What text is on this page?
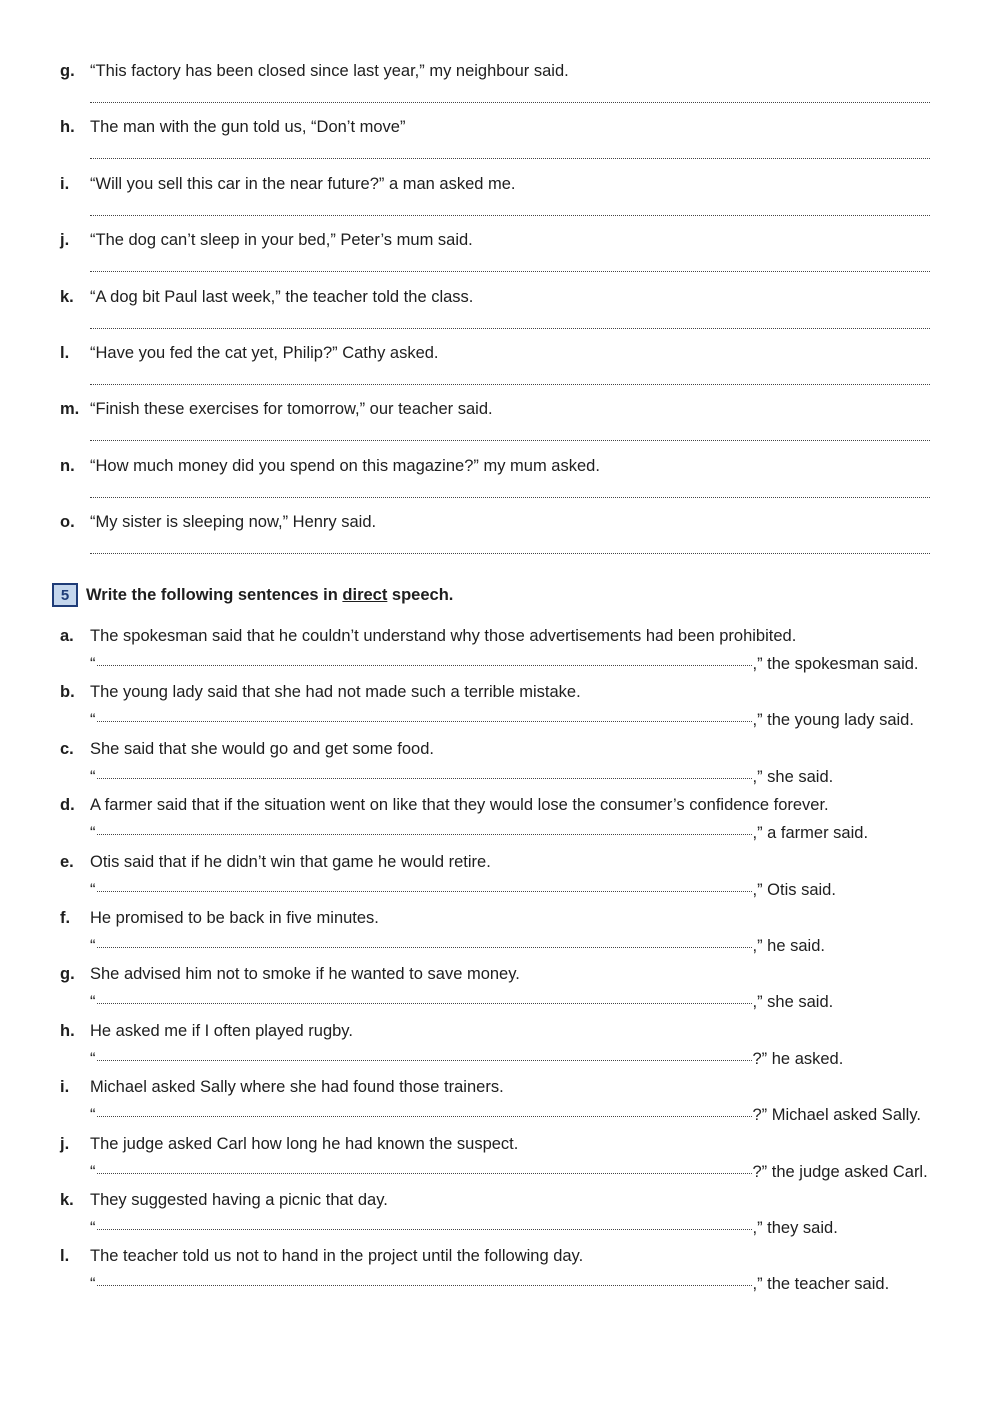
g. “This factory has been closed since last year,” my neighbour said.
h. The man with the gun told us, “Don’t move”
i. “Will you sell this car in the near future?” a man asked me.
j. “The dog can’t sleep in your bed,” Peter’s mum said.
k. “A dog bit Paul last week,” the teacher told the class.
l. “Have you fed the cat yet, Philip?” Cathy asked.
m. “Finish these exercises for tomorrow,” our teacher said.
n. “How much money did you spend on this magazine?” my mum asked.
o. “My sister is sleeping now,” Henry said.
5	Write the following sentences in direct speech.
a. The spokesman said that he couldn’t understand why those advertisements had been prohibited.
“	,” the spokesman said.
b. The young lady said that she had not made such a terrible mistake.
“	,” the young lady said.
c. She said that she would go and get some food.
“	,” she said.
d. A farmer said that if the situation went on like that they would lose the consumer’s confidence forever.
“	,” a farmer said.
e. Otis said that if he didn’t win that game he would retire.
“	,” Otis said.
f. He promised to be back in five minutes.
“	,” he said.
g. She advised him not to smoke if he wanted to save money.
“	,” she said.
h. He asked me if I often played rugby.
“	?” he asked.
i. Michael asked Sally where she had found those trainers.
“	?” Michael asked Sally.
j. The judge asked Carl how long he had known the suspect.
“	?” the judge asked Carl.
k. They suggested having a picnic that day.
“	,” they said.
l. The teacher told us not to hand in the project until the following day.
“	,” the teacher said.
